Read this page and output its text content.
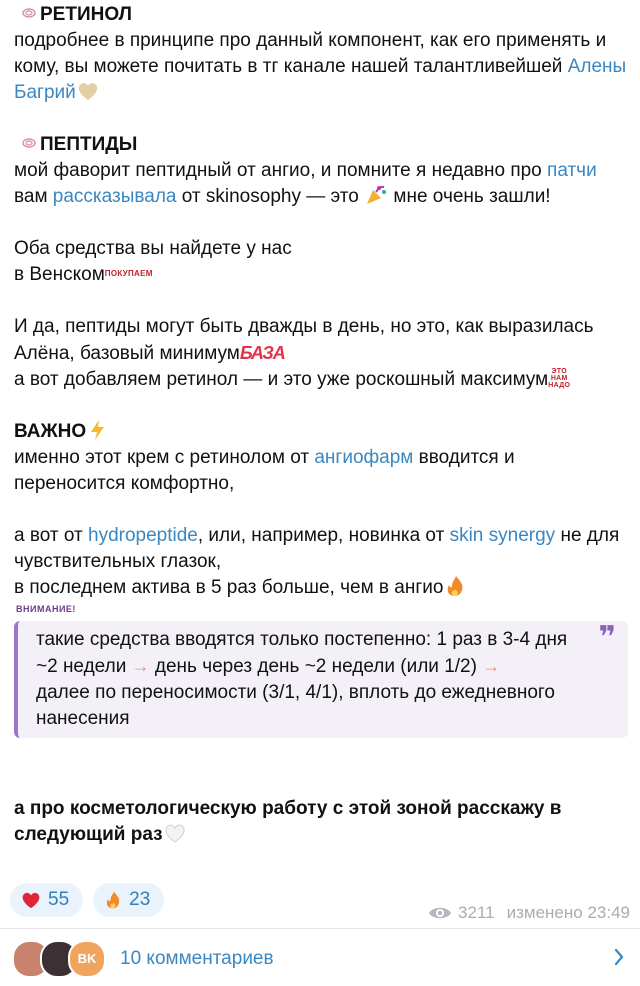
РЕТИНОЛ

подробнее в принципе про данный компонент, как его применять и кому, вы можете почитать в тг канале нашей талантливейшей Алены Багрий

ПЕПТИДЫ

мой фаворит пептидный от ангио, и помните я недавно про патчи вам рассказывала от skinosophy — это  мне очень зашли!

Оба средства вы найдете у нас

в ВенскомПОКУПАЕМ

И да, пептиды могут быть дважды в день, но это, как выразилась Алёна, базовый минимумБАЗА

а вот добавляем ретинол — и это уже роскошный максимум ЭТО
НАМ
НАДО

ВАЖНО

именно этот крем с ретинолом от ангиофарм вводится и переносится комфортно,

а вот от hydropeptide, или, например, новинка от skin synergy не для чувствительных глазок,

в последнем актива в 5 раз больше, чем в ангио

ВНИМАНИЕ!
❞

такие средства вводятся только постепенно: 1 раз в 3-4 дня

~2 недели → день через день ~2 недели (или 1/2) →

далее по переносимости (3/1, 4/1), вплоть до ежедневного нанесения

а про косметологическую работу с этой зоной расскажу в следующий раз

55	23
3211 изменено 23:49
BK	10 комментариев
